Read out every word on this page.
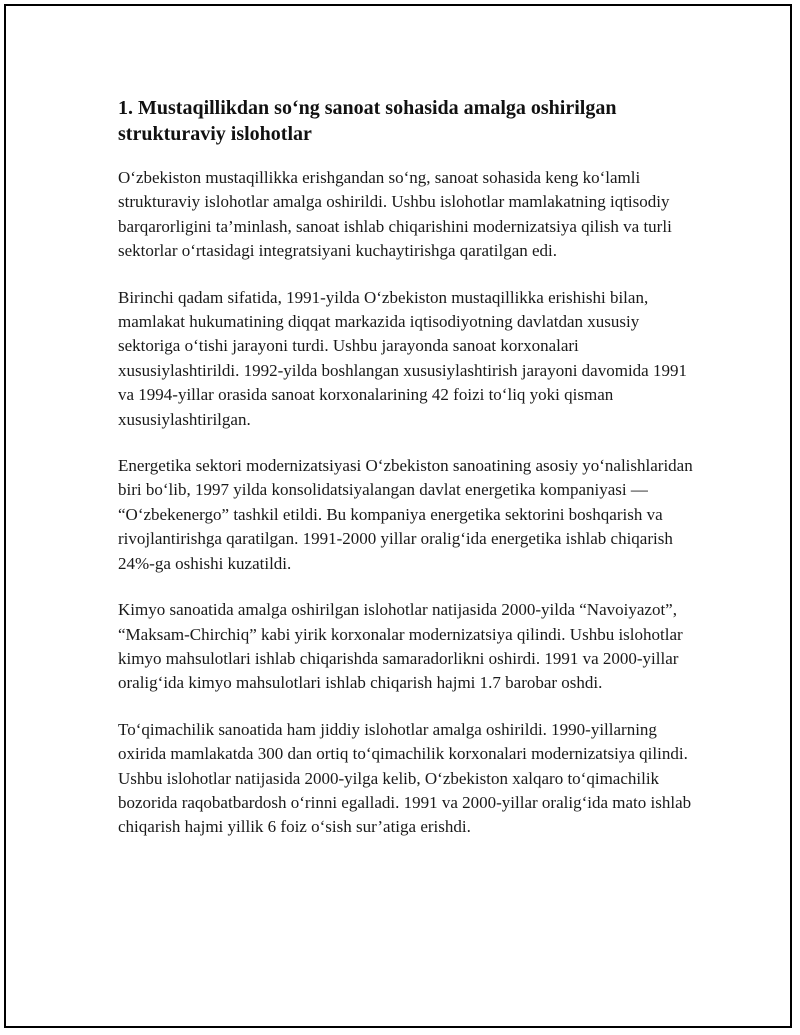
1. Mustaqillikdan so‘ng sanoat sohasida amalga oshirilgan strukturaviy islohotlar

O‘zbekiston mustaqillikka erishgandan so‘ng, sanoat sohasida keng ko‘lamli strukturaviy islohotlar amalga oshirildi. Ushbu islohotlar mamlakatning iqtisodiy barqarorligini ta’minlash, sanoat ishlab chiqarishini modernizatsiya qilish va turli sektorlar o‘rtasidagi integratsiyani kuchaytirishga qaratilgan edi.

Birinchi qadam sifatida, 1991-yilda O‘zbekiston mustaqillikka erishishi bilan, mamlakat hukumatining diqqat markazida iqtisodiyotning davlatdan xususiy sektoriga o‘tishi jarayoni turdi. Ushbu jarayonda sanoat korxonalari xususiylashtirildi. 1992-yilda boshlangan xususiylashtirish jarayoni davomida 1991 va 1994-yillar orasida sanoat korxonalarining 42 foizi to‘liq yoki qisman xususiylashtirilgan.

Energetika sektori modernizatsiyasi O‘zbekiston sanoatining asosiy yo‘nalishlaridan biri bo‘lib, 1997 yilda konsolidatsiyalangan davlat energetika kompaniyasi — “O‘zbekenergo” tashkil etildi. Bu kompaniya energetika sektorini boshqarish va rivojlantirishga qaratilgan. 1991-2000 yillar oralig‘ida energetika ishlab chiqarish 24%-ga oshishi kuzatildi.

Kimyo sanoatida amalga oshirilgan islohotlar natijasida 2000-yilda “Navoiyazot”, “Maksam-Chirchiq” kabi yirik korxonalar modernizatsiya qilindi. Ushbu islohotlar kimyo mahsulotlari ishlab chiqarishda samaradorlikni oshirdi. 1991 va 2000-yillar oralig‘ida kimyo mahsulotlari ishlab chiqarish hajmi 1.7 barobar oshdi.

To‘qimachilik sanoatida ham jiddiy islohotlar amalga oshirildi. 1990-yillarning oxirida mamlakatda 300 dan ortiq to‘qimachilik korxonalari modernizatsiya qilindi. Ushbu islohotlar natijasida 2000-yilga kelib, O‘zbekiston xalqaro to‘qimachilik bozorida raqobatbardosh o‘rinni egalladi. 1991 va 2000-yillar oralig‘ida mato ishlab chiqarish hajmi yillik 6 foiz o‘sish sur’atiga erishdi.
